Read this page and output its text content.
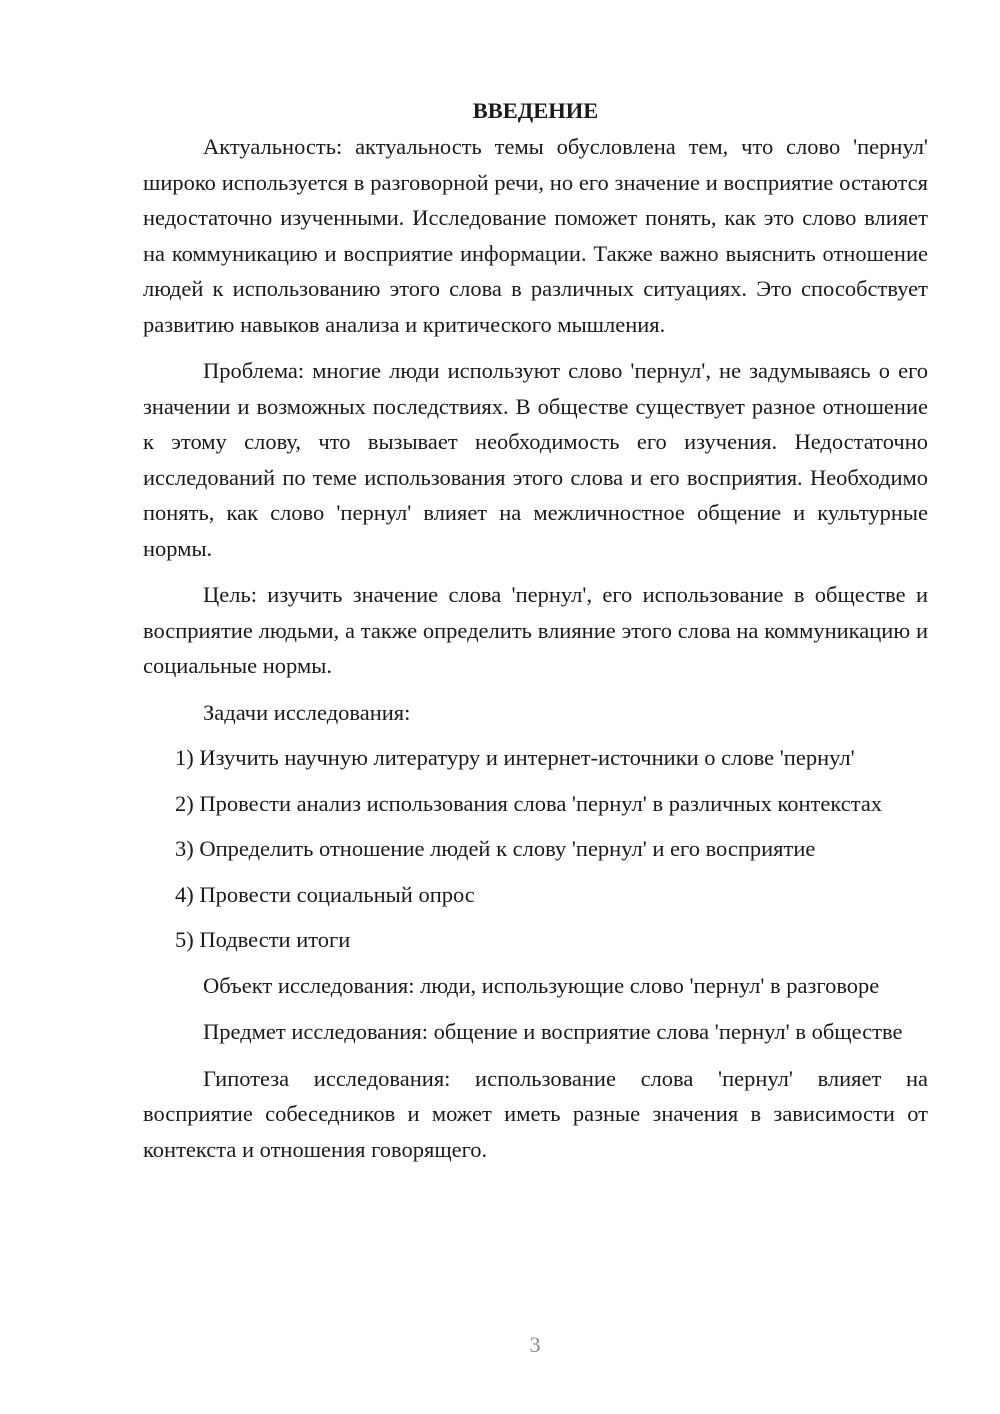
ВВЕДЕНИЕ

Актуальность: актуальность темы обусловлена тем, что слово 'пернул' широко используется в разговорной речи, но его значение и восприятие остаются недостаточно изученными. Исследование поможет понять, как это слово влияет на коммуникацию и восприятие информации. Также важно выяснить отношение людей к использованию этого слова в различных ситуациях. Это способствует развитию навыков анализа и критического мышления.

Проблема: многие люди используют слово 'пернул', не задумываясь о его значении и возможных последствиях. В обществе существует разное отношение к этому слову, что вызывает необходимость его изучения. Недостаточно исследований по теме использования этого слова и его восприятия. Необходимо понять, как слово 'пернул' влияет на межличностное общение и культурные нормы.

Цель: изучить значение слова 'пернул', его использование в обществе и восприятие людьми, а также определить влияние этого слова на коммуникацию и социальные нормы.

Задачи исследования:

1) Изучить научную литературу и интернет-источники о слове 'пернул'

2) Провести анализ использования слова 'пернул' в различных контекстах

3) Определить отношение людей к слову 'пернул' и его восприятие

4) Провести социальный опрос

5) Подвести итоги

Объект исследования: люди, использующие слово 'пернул' в разговоре

Предмет исследования: общение и восприятие слова 'пернул' в обществе

Гипотеза исследования: использование слова 'пернул' влияет на восприятие собеседников и может иметь разные значения в зависимости от контекста и отношения говорящего.

3
